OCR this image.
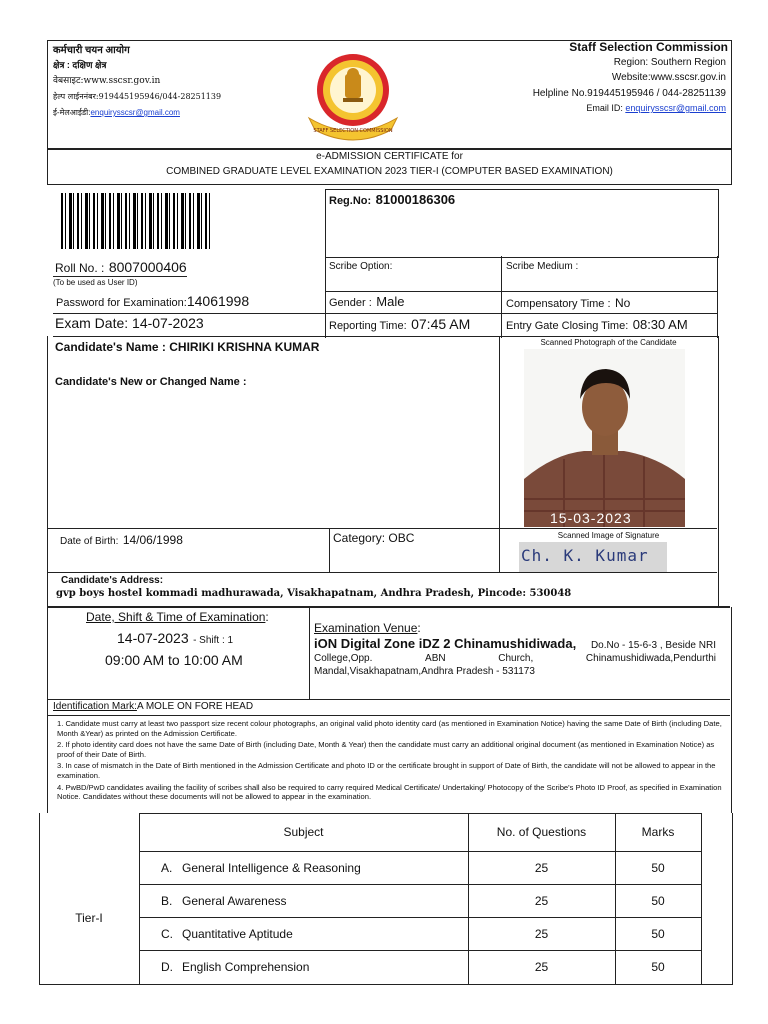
कर्मचारी चयन आयोग
क्षेत्र : दक्षिण क्षेत्र
वेबसाइट:www.sscsr.gov.in
हेल्प लाईननंबर:919445195946/044-28251139
ई-मेलआईडी:enquirysscsr@gmail.com
STAFF SELECTION COMMISSION
Staff Selection Commission
Region: Southern Region
Website:www.sscsr.gov.in
Helpline No.919445195946 / 044-28251139
Email ID: enquirysscsr@gmail.com
e-ADMISSION CERTIFICATE for
COMBINED GRADUATE LEVEL EXAMINATION 2023 TIER-I (COMPUTER BASED EXAMINATION)
Reg.No: 81000186306
Roll No. : 8007000406
(To be used as User ID)
Password for Examination:14061998
Exam Date: 14-07-2023
Scribe Option:	Scribe Medium :
Gender : Male	Compensatory Time : No
Reporting Time: 07:45 AM	Entry Gate Closing Time: 08:30 AM
Candidate's Name : CHIRIKI KRISHNA KUMAR
Candidate's New or Changed Name :
Scanned Photograph of the Candidate
15-03-2023
Date of Birth: 14/06/1998	Category: OBC	Scanned Image of Signature
Ch. K. Kumar
Candidate's Address:
gvp boys hostel kommadi madhurawada, Visakhapatnam, Andhra Pradesh, Pincode: 530048
Date, Shift & Time of Examination:
14-07-2023 - Shift : 1
09:00 AM to 10:00 AM
Examination Venue:
iON Digital Zone iDZ 2 Chinamushidiwada, Do.No - 15-6-3 , Beside NRI
College,Opp.	ABN	Church,	Chinamushidiwada,Pendurthi
Mandal,Visakhapatnam,Andhra Pradesh - 531173
Identification Mark:A MOLE ON FORE HEAD
1. Candidate must carry at least two passport size recent colour photographs, an original valid photo identity card (as mentioned in Examination Notice) having the same Date of Birth (including Date, Month &Year) as printed on the Admission Certificate.
2. If photo identity card does not have the same Date of Birth (including Date, Month & Year) then the candidate must carry an additional original document (as mentioned in Examination Notice) as proof of their Date of Birth.
3. In case of mismatch in the Date of Birth mentioned in the Admission Certificate and photo ID or the certificate brought in support of Date of Birth, the candidate will not be allowed to appear in the examination.
4. PwBD/PwD candidates availing the facility of scribes shall also be required to carry required Medical Certificate/ Undertaking/ Photocopy of the Scribe's Photo ID Proof, as specified in Examination Notice. Candidates without these documents will not be allowed to appear in the examination.
Subject	No. of Questions	Marks
Tier-I
A. General Intelligence & Reasoning	25	50
B. General Awareness	25	50
C. Quantitative Aptitude	25	50
D. English Comprehension	25	50
